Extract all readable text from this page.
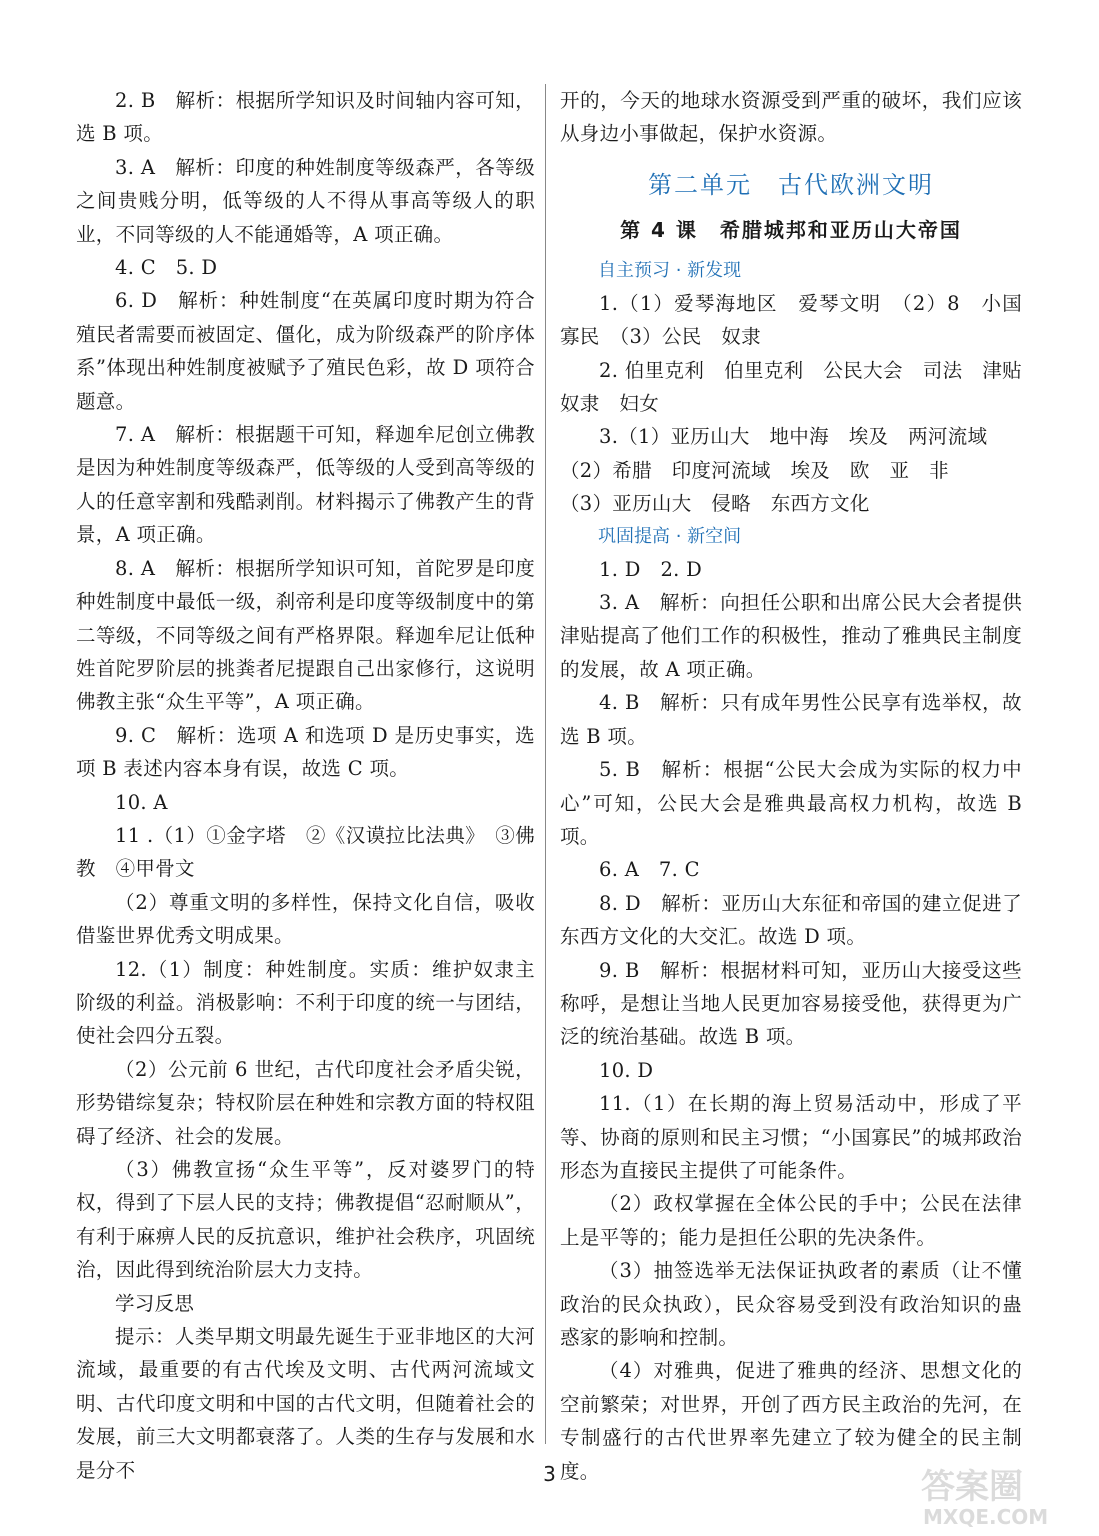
2. B　解析：根据所学知识及时间轴内容可知，选 B 项。

3. A　解析：印度的种姓制度等级森严，各等级之间贵贱分明，低等级的人不得从事高等级人的职业，不同等级的人不能通婚等，A 项正确。

4. C　5. D

6. D　解析：种姓制度“在英属印度时期为符合殖民者需要而被固定、僵化，成为阶级森严的阶序体系”体现出种姓制度被赋予了殖民色彩，故 D 项符合题意。

7. A　解析：根据题干可知，释迦牟尼创立佛教是因为种姓制度等级森严，低等级的人受到高等级的人的任意宰割和残酷剥削。材料揭示了佛教产生的背景，A 项正确。

8. A　解析：根据所学知识可知，首陀罗是印度种姓制度中最低一级，刹帝利是印度等级制度中的第二等级，不同等级之间有严格界限。释迦牟尼让低种姓首陀罗阶层的挑粪者尼提跟自己出家修行，这说明佛教主张“众生平等”，A 项正确。

9. C　解析：选项 A 和选项 D 是历史事实，选项 B 表述内容本身有误，故选 C 项。

10. A

11 .（1）①金字塔　②《汉谟拉比法典》　③佛教　④甲骨文

（2）尊重文明的多样性，保持文化自信，吸收借鉴世界优秀文明成果。

12.（1）制度：种姓制度。实质：维护奴隶主阶级的利益。消极影响：不利于印度的统一与团结，使社会四分五裂。

（2）公元前 6 世纪，古代印度社会矛盾尖锐，形势错综复杂；特权阶层在种姓和宗教方面的特权阻碍了经济、社会的发展。

（3）佛教宣扬“众生平等”，反对婆罗门的特权，得到了下层人民的支持；佛教提倡“忍耐顺从”，有利于麻痹人民的反抗意识，维护社会秩序，巩固统治，因此得到统治阶层大力支持。

学习反思

提示：人类早期文明最先诞生于亚非地区的大河流域，最重要的有古代埃及文明、古代两河流域文明、古代印度文明和中国的古代文明，但随着社会的发展，前三大文明都衰落了。人类的生存与发展和水是分不

开的，今天的地球水资源受到严重的破坏，我们应该从身边小事做起，保护水资源。

第二单元　古代欧洲文明
第 4 课　希腊城邦和亚历山大帝国
自主预习 · 新发现

1.（1）爱琴海地区　爱琴文明　（2）8　小国寡民　（3）公民　奴隶

2. 伯里克利　伯里克利　公民大会　司法　津贴　奴隶　妇女

3.（1）亚历山大　地中海　埃及　两河流域

（2）希腊　印度河流域　埃及　欧　亚　非

（3）亚历山大　侵略　东西方文化

巩固提高 · 新空间

1. D　2. D

3. A　解析：向担任公职和出席公民大会者提供津贴提高了他们工作的积极性，推动了雅典民主制度的发展，故 A 项正确。

4. B　解析：只有成年男性公民享有选举权，故选 B 项。

5. B　解析：根据“公民大会成为实际的权力中心”可知，公民大会是雅典最高权力机构，故选 B 项。

6. A　7. C

8. D　解析：亚历山大东征和帝国的建立促进了东西方文化的大交汇。故选 D 项。

9. B　解析：根据材料可知，亚历山大接受这些称呼，是想让当地人民更加容易接受他，获得更为广泛的统治基础。故选 B 项。

10. D

11.（1）在长期的海上贸易活动中，形成了平等、协商的原则和民主习惯；“小国寡民”的城邦政治形态为直接民主提供了可能条件。

（2）政权掌握在全体公民的手中；公民在法律上是平等的；能力是担任公职的先决条件。

（3）抽签选举无法保证执政者的素质（让不懂政治的民众执政），民众容易受到没有政治知识的蛊惑家的影响和控制。

（4）对雅典，促进了雅典的经济、思想文化的空前繁荣；对世界，开创了西方民主政治的先河，在专制盛行的古代世界率先建立了较为健全的民主制度。

3	答案圈
MXQE.COM
